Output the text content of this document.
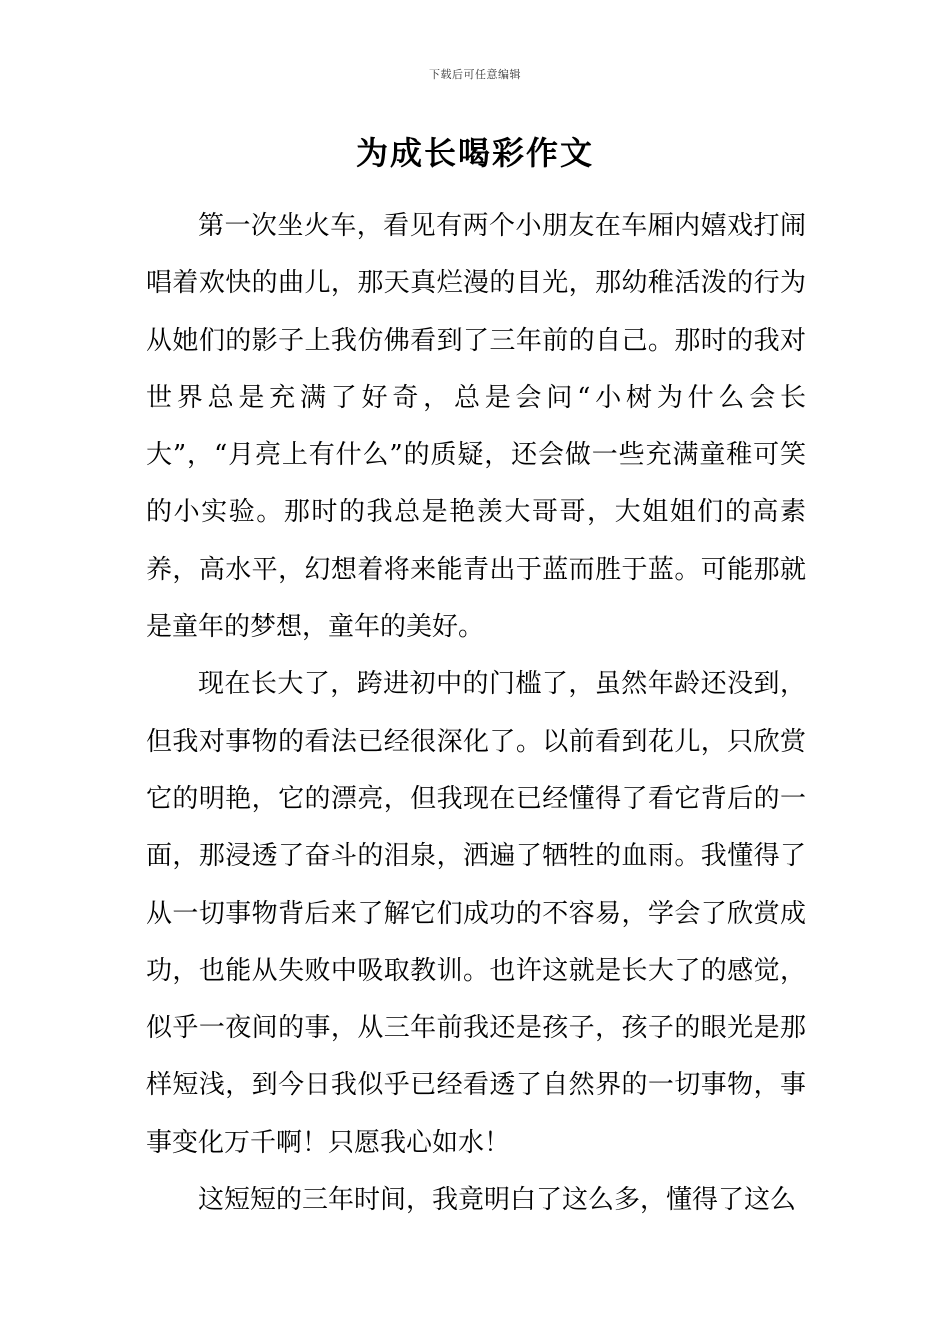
下载后可任意编辑
为成长喝彩作文

第一次坐火车，看见有两个小朋友在车厢内嬉戏打闹唱着欢快的曲儿，那天真烂漫的目光，那幼稚活泼的行为从她们的影子上我仿佛看到了三年前的自己。那时的我对世界总是充满了好奇，总是会问“小树为什么会长大”，“月亮上有什么”的质疑，还会做一些充满童稚可笑的小实验。那时的我总是艳羡大哥哥，大姐姐们的高素养，高水平，幻想着将来能青出于蓝而胜于蓝。可能那就是童年的梦想，童年的美好。

现在长大了，跨进初中的门槛了，虽然年龄还没到，但我对事物的看法已经很深化了。以前看到花儿，只欣赏它的明艳，它的漂亮，但我现在已经懂得了看它背后的一面，那浸透了奋斗的泪泉，洒遍了牺牲的血雨。我懂得了从一切事物背后来了解它们成功的不容易，学会了欣赏成功，也能从失败中吸取教训。也许这就是长大了的感觉，似乎一夜间的事，从三年前我还是孩子，孩子的眼光是那样短浅，到今日我似乎已经看透了自然界的一切事物，事事变化万千啊！只愿我心如水！

这短短的三年时间，我竟明白了这么多，懂得了这么
